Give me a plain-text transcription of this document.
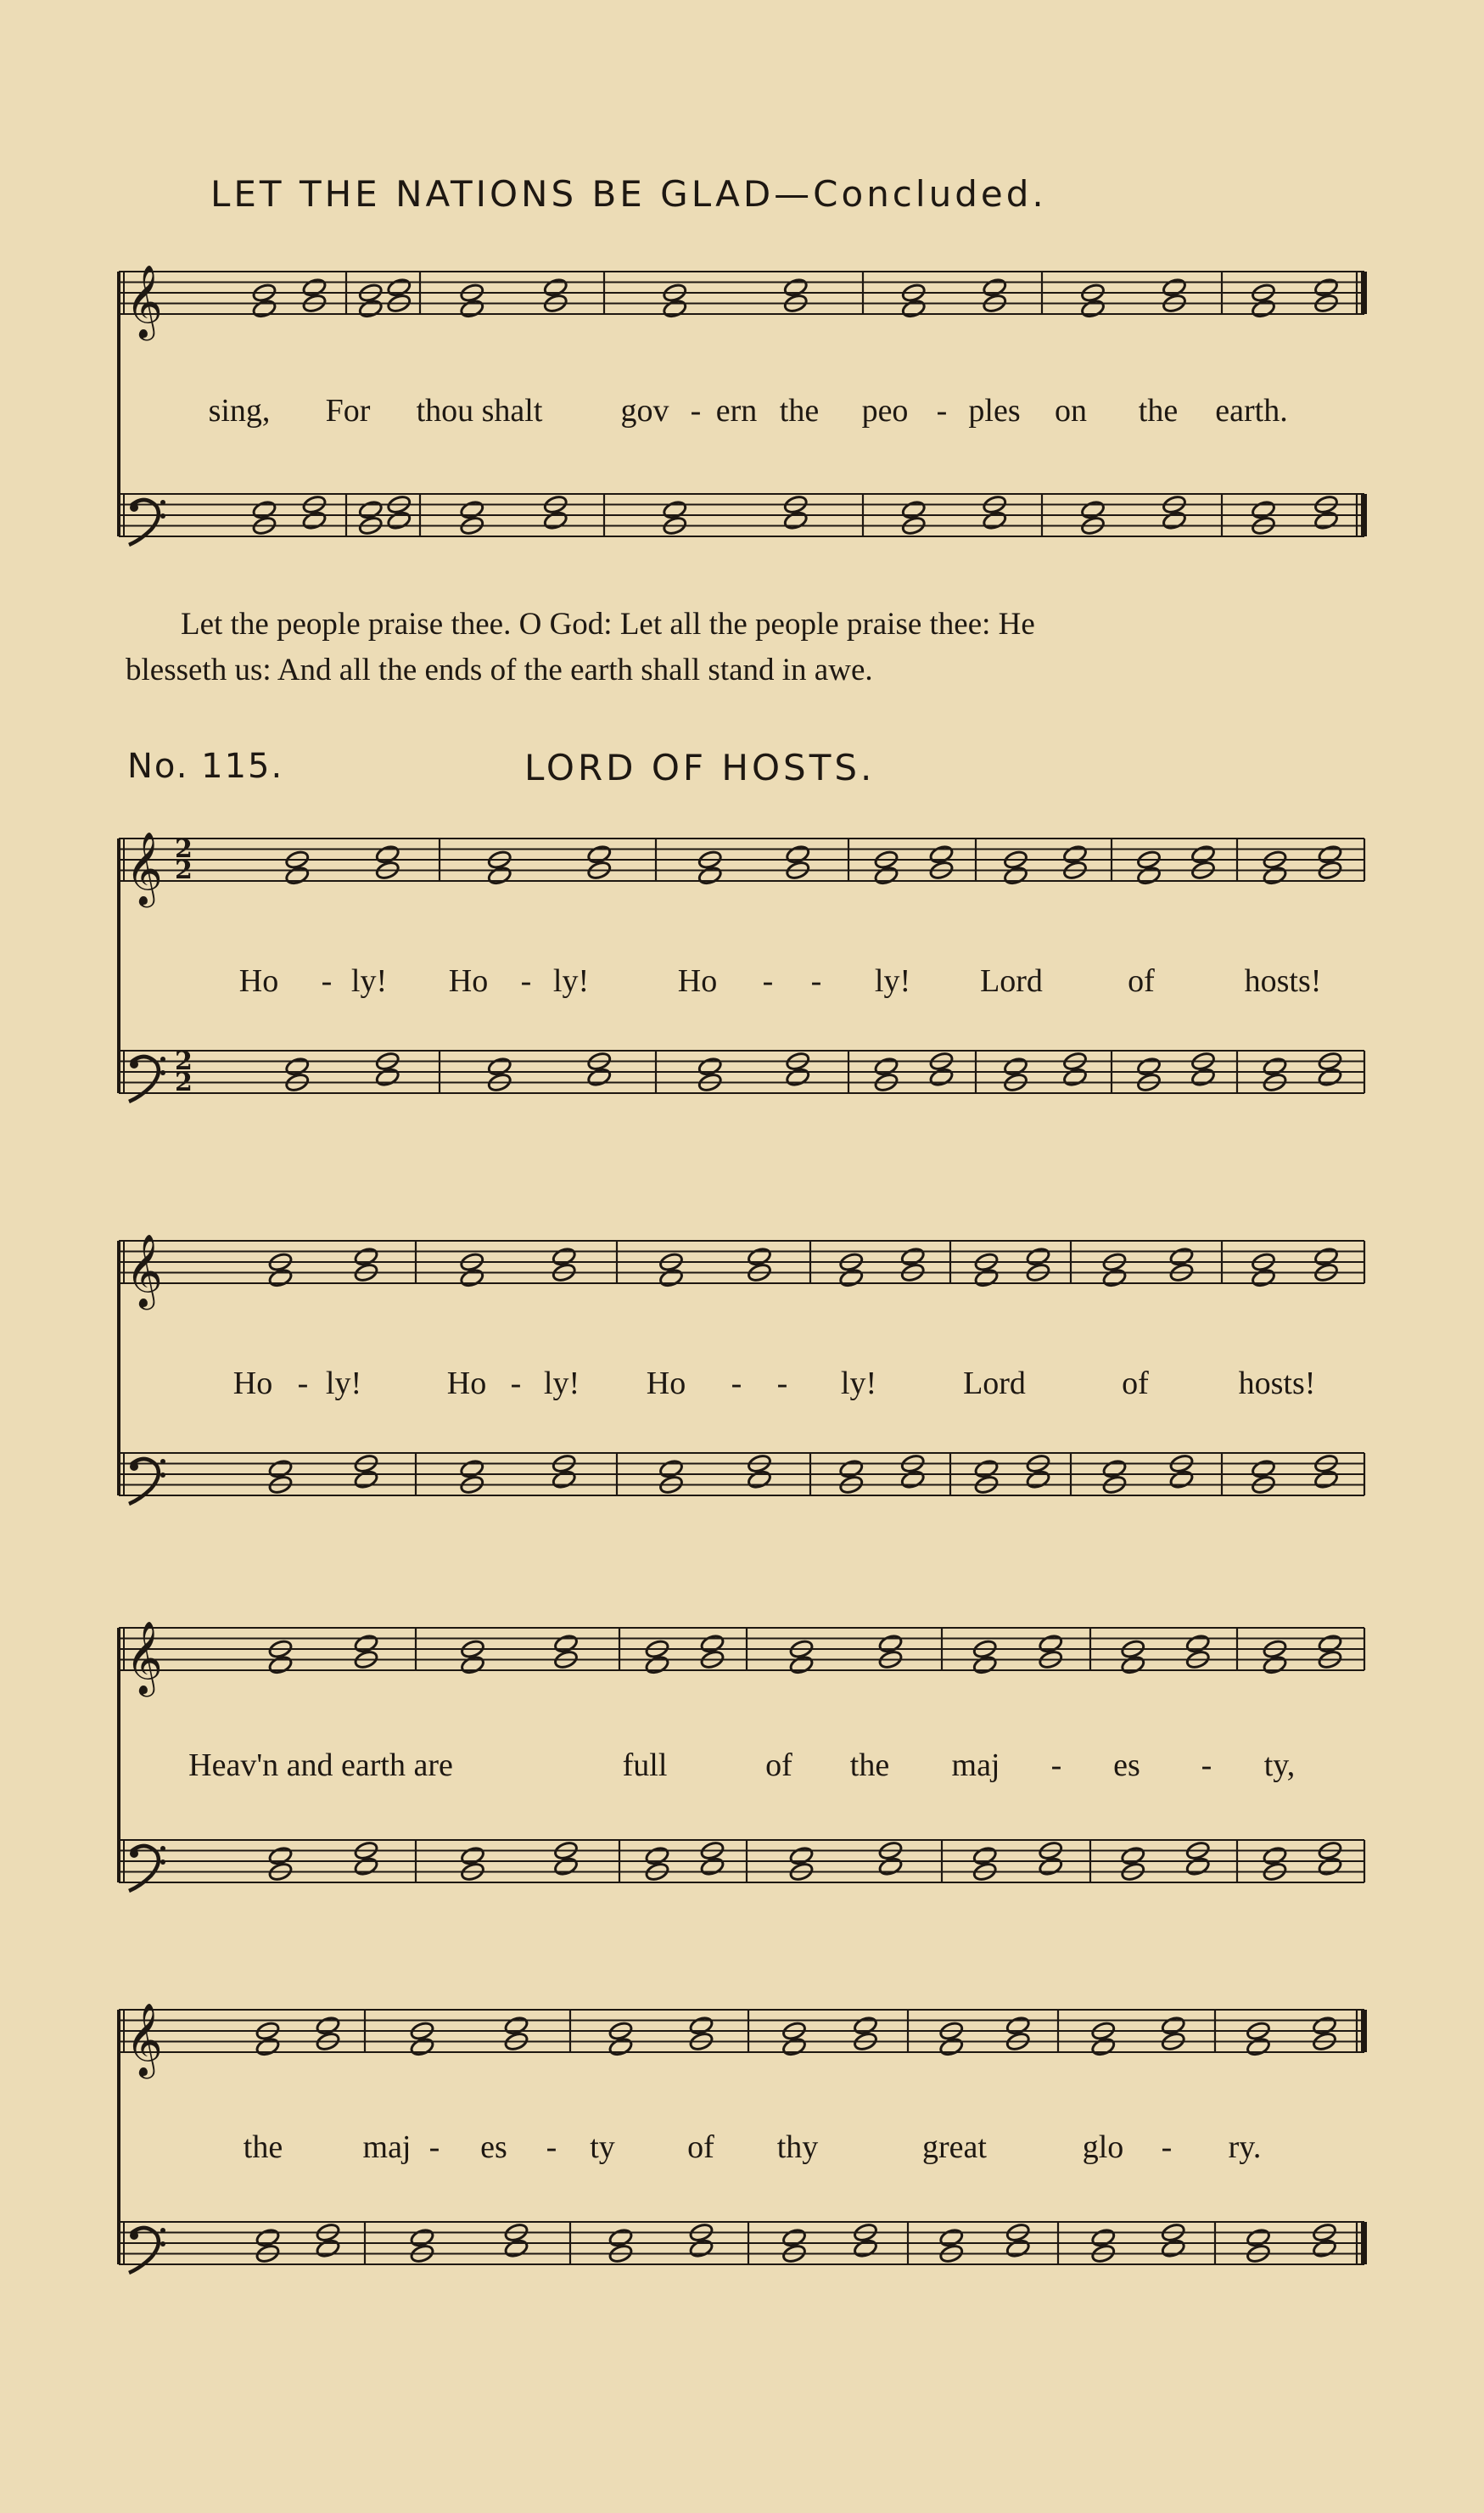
𝄞
𝄞 2
2
2
2
𝄞
𝄞
𝄞
LET THE NATIONS BE GLAD—Concluded.
sing, For thou shalt gov - ern the peo - ples on the earth.
Let the people praise thee. O God: Let all the people praise thee: He
blesseth us: And all the ends of the earth shall stand in awe.
No. 115.	LORD OF HOSTS.
Ho - ly! Ho - ly!	Ho - - ly! Lord	of	hosts!
Ho - ly!	Ho - ly! Ho - - ly!	Lord	of	hosts!
Heav'n and earth are	full	of the maj - es - ty,
the maj - es - ty of thy	great	glo - ry.
